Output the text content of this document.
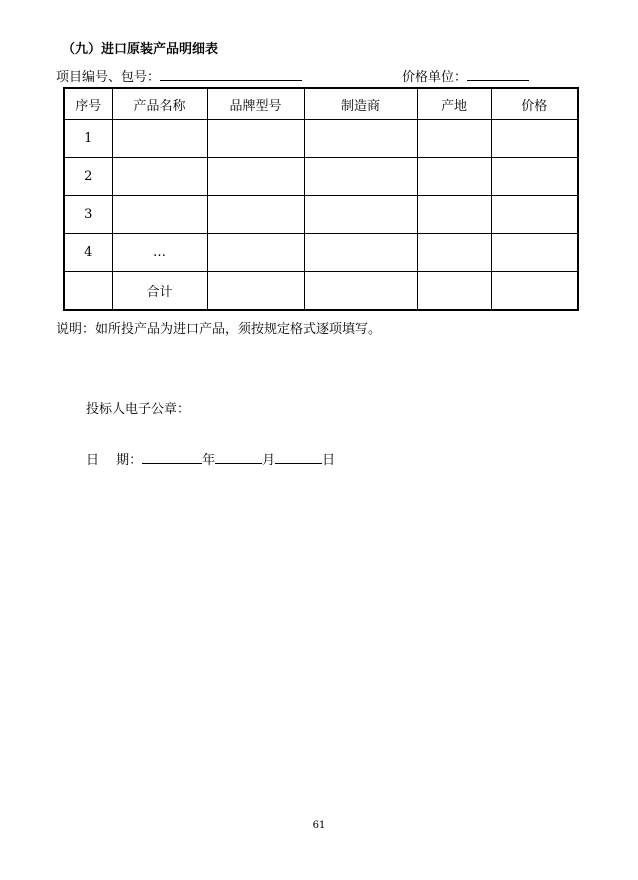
（九）进口原装产品明细表
项目编号、包号：	价格单位：
序号	产品名称	品牌型号	制造商	产地	价格
1					
2					
3					
4	…				
	合计				
说明：如所投产品为进口产品，须按规定格式逐项填写。
投标人电子公章：
日　 期：	年	月	日
61
